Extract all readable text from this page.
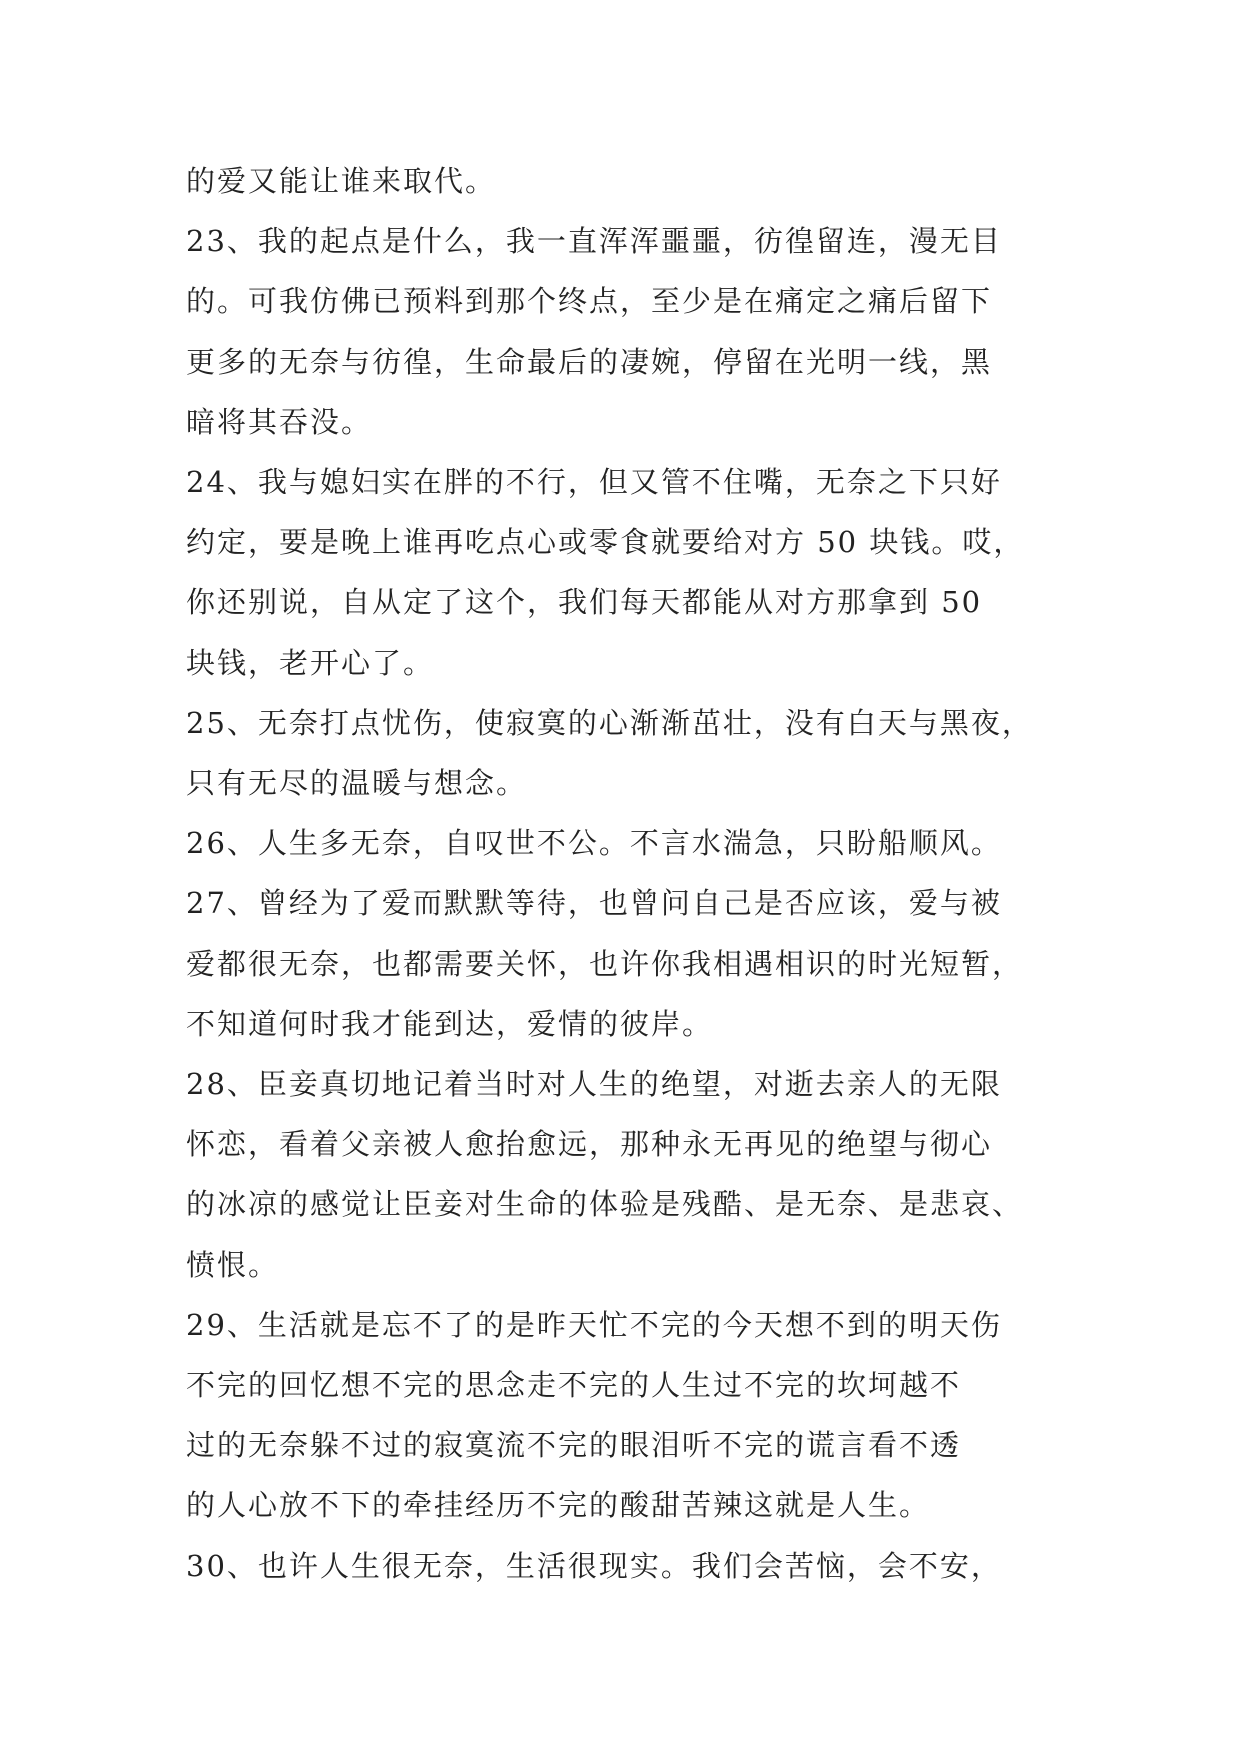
的爱又能让谁来取代。

23、我的起点是什么，我一直浑浑噩噩，彷徨留连，漫无目

的。可我仿佛已预料到那个终点，至少是在痛定之痛后留下

更多的无奈与彷徨，生命最后的凄婉，停留在光明一线，黑

暗将其吞没。

24、我与媳妇实在胖的不行，但又管不住嘴，无奈之下只好

约定，要是晚上谁再吃点心或零食就要给对方 50 块钱。哎，

你还别说，自从定了这个，我们每天都能从对方那拿到 50

块钱，老开心了。

25、无奈打点忧伤，使寂寞的心渐渐茁壮，没有白天与黑夜，

只有无尽的温暖与想念。

26、人生多无奈，自叹世不公。不言水湍急，只盼船顺风。

27、曾经为了爱而默默等待，也曾问自己是否应该，爱与被

爱都很无奈，也都需要关怀，也许你我相遇相识的时光短暂，

不知道何时我才能到达，爱情的彼岸。

28、臣妾真切地记着当时对人生的绝望，对逝去亲人的无限

怀恋，看着父亲被人愈抬愈远，那种永无再见的绝望与彻心

的冰凉的感觉让臣妾对生命的体验是残酷、是无奈、是悲哀、

愤恨。

29、生活就是忘不了的是昨天忙不完的今天想不到的明天伤

不完的回忆想不完的思念走不完的人生过不完的坎坷越不

过的无奈躲不过的寂寞流不完的眼泪听不完的谎言看不透

的人心放不下的牵挂经历不完的酸甜苦辣这就是人生。

30、也许人生很无奈，生活很现实。我们会苦恼，会不安，
